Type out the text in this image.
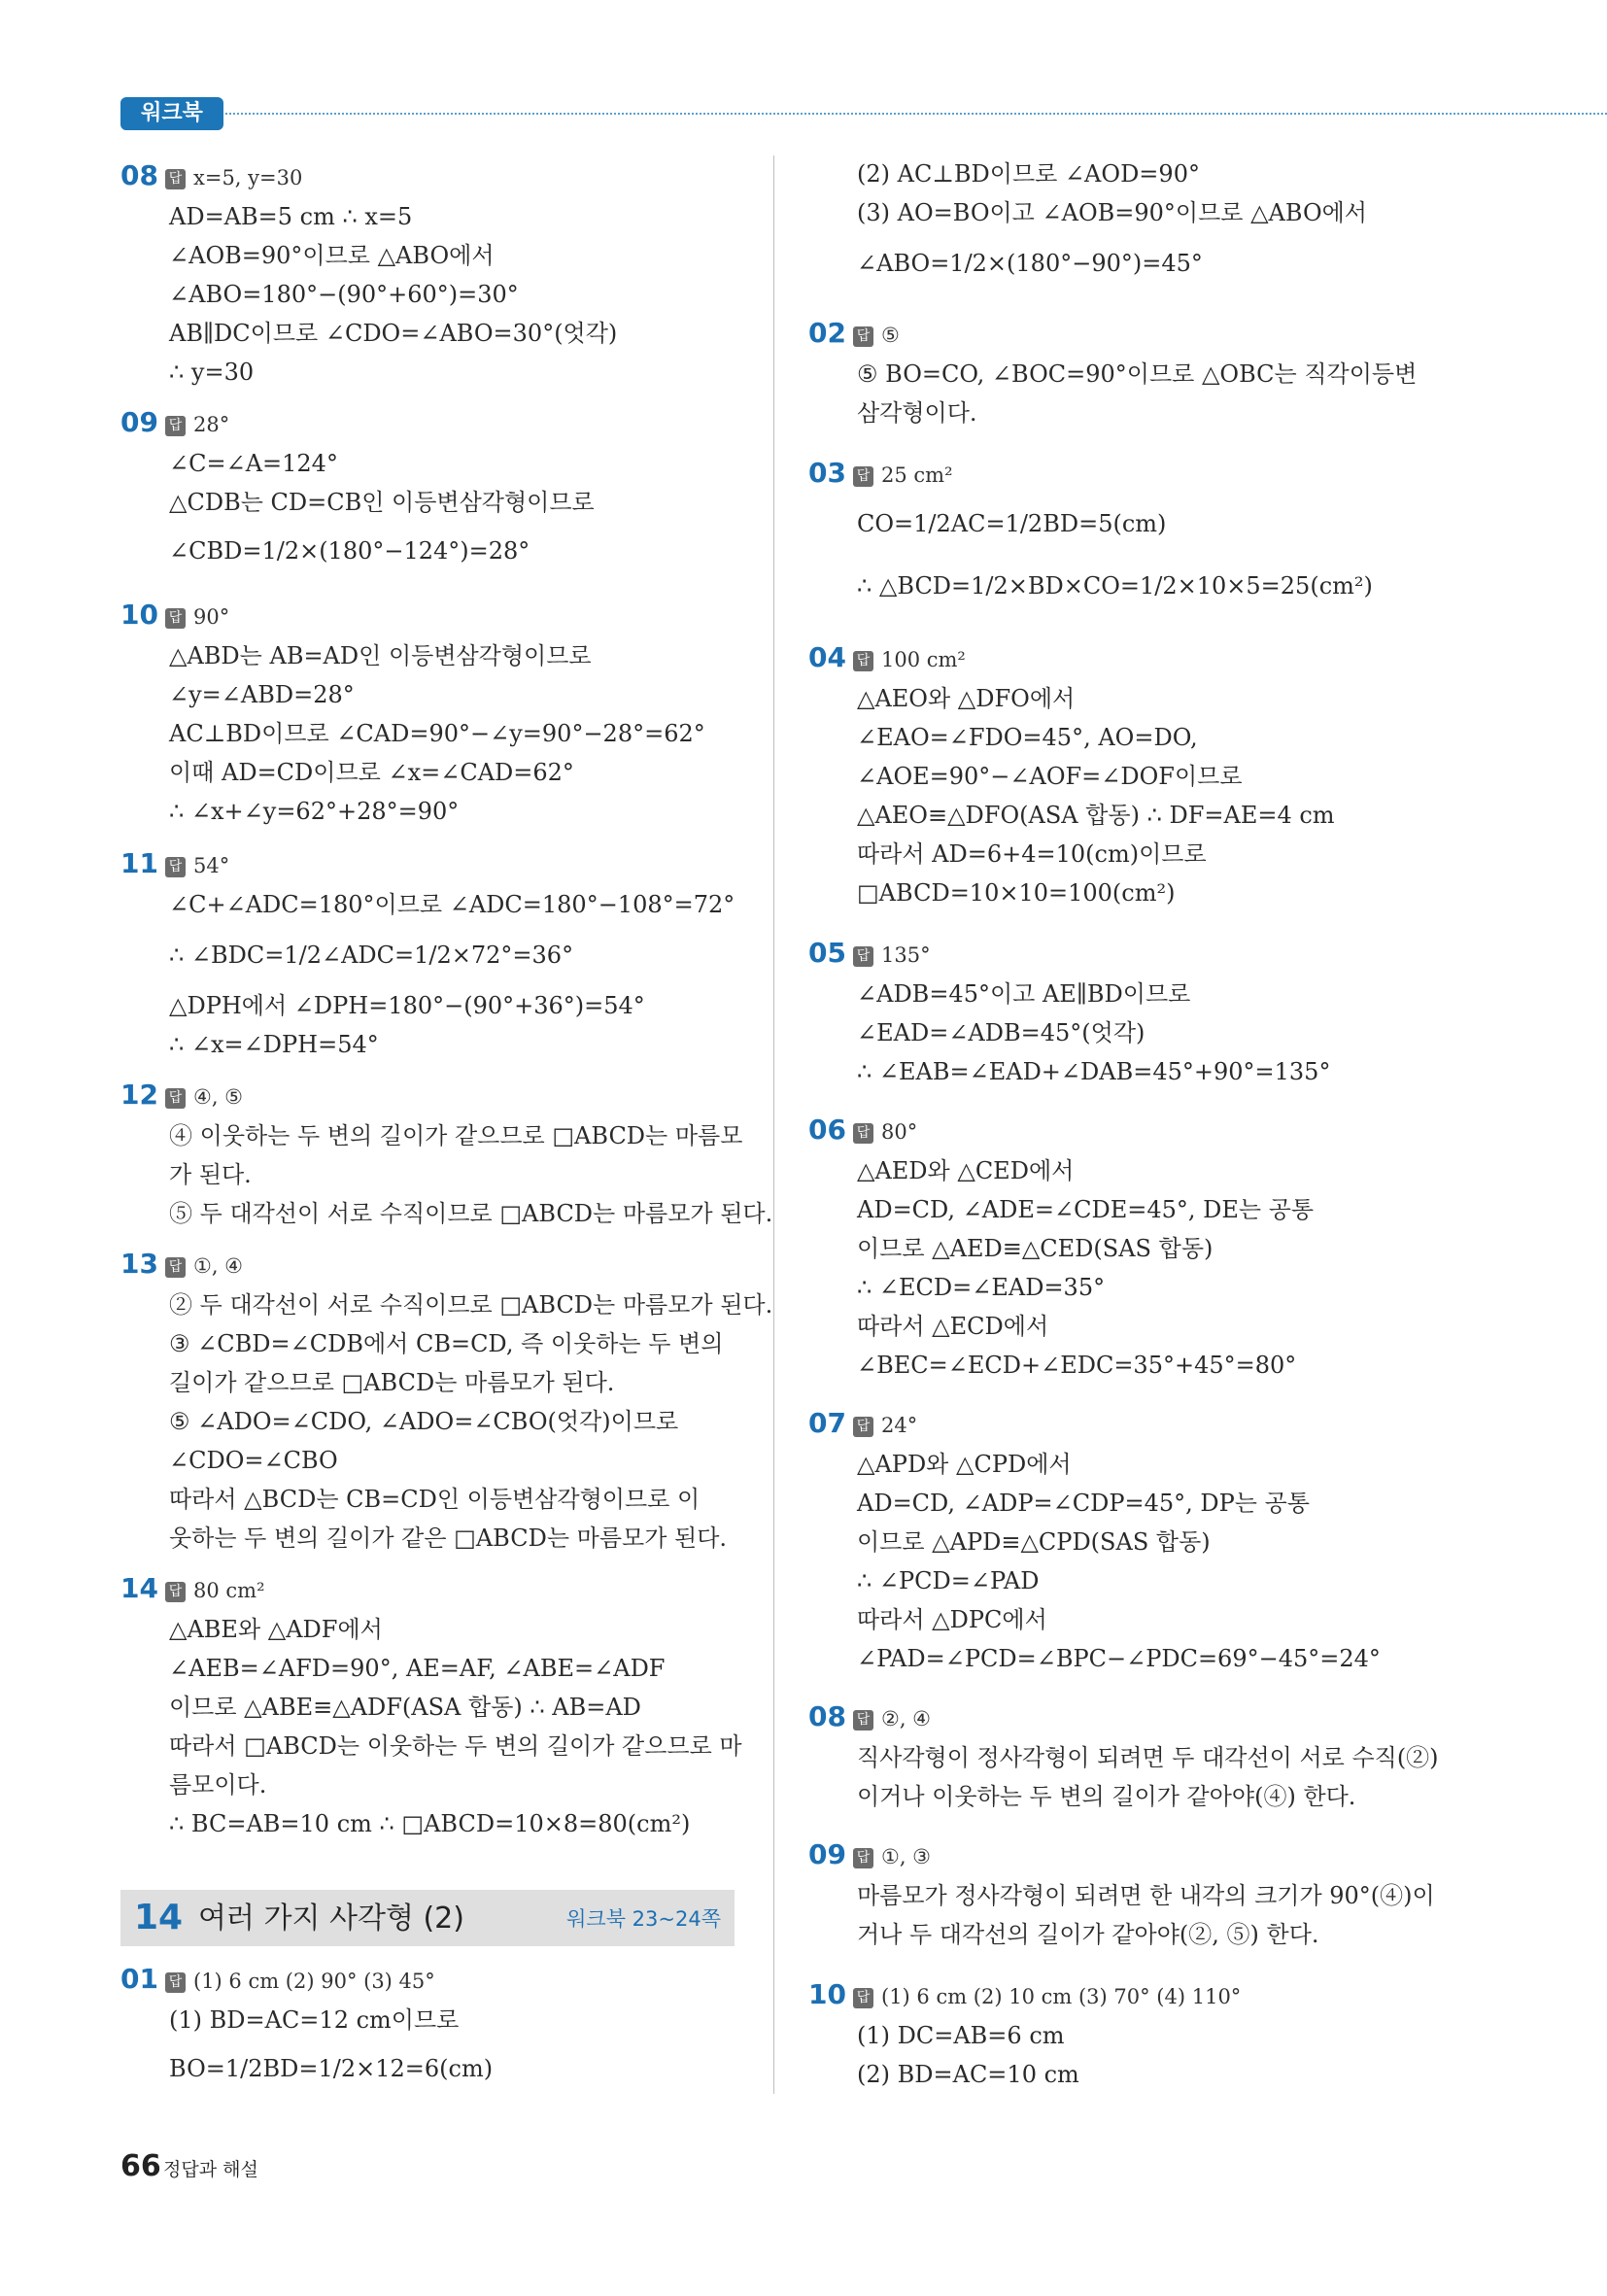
워크북
08 답 x=5, y=30
AD=AB=5 cm ∴ x=5
∠AOB=90°이므로 △ABO에서
∠ABO=180°−(90°+60°)=30°
AB∥DC이므로 ∠CDO=∠ABO=30°(엇각)
∴ y=30
09 답 28°
∠C=∠A=124°
△CDB는 CD=CB인 이등변삼각형이므로
∠CBD=1/2×(180°−124°)=28°
10 답 90°
△ABD는 AB=AD인 이등변삼각형이므로
∠y=∠ABD=28°
AC⊥BD이므로 ∠CAD=90°−∠y=90°−28°=62°
이때 AD=CD이므로 ∠x=∠CAD=62°
∴ ∠x+∠y=62°+28°=90°
11 답 54°
∠C+∠ADC=180°이므로 ∠ADC=180°−108°=72°
∴ ∠BDC=1/2∠ADC=1/2×72°=36°
△DPH에서 ∠DPH=180°−(90°+36°)=54°
∴ ∠x=∠DPH=54°
12 답 ④, ⑤
④ 이웃하는 두 변의 길이가 같으므로 □ABCD는 마름모
가 된다.
⑤ 두 대각선이 서로 수직이므로 □ABCD는 마름모가 된다.
13 답 ①, ④
② 두 대각선이 서로 수직이므로 □ABCD는 마름모가 된다.
③ ∠CBD=∠CDB에서 CB=CD, 즉 이웃하는 두 변의
길이가 같으므로 □ABCD는 마름모가 된다.
⑤ ∠ADO=∠CDO, ∠ADO=∠CBO(엇각)이므로
∠CDO=∠CBO
따라서 △BCD는 CB=CD인 이등변삼각형이므로 이
웃하는 두 변의 길이가 같은 □ABCD는 마름모가 된다.
14 답 80 cm²
△ABE와 △ADF에서
∠AEB=∠AFD=90°, AE=AF, ∠ABE=∠ADF
이므로 △ABE≡△ADF(ASA 합동) ∴ AB=AD
따라서 □ABCD는 이웃하는 두 변의 길이가 같으므로 마
름모이다.
∴ BC=AB=10 cm ∴ □ABCD=10×8=80(cm²)
01 답 (1) 6 cm (2) 90° (3) 45°
(1) BD=AC=12 cm이므로
BO=1/2BD=1/2×12=6(cm)
(2) AC⊥BD이므로 ∠AOD=90°
(3) AO=BO이고 ∠AOB=90°이므로 △ABO에서
∠ABO=1/2×(180°−90°)=45°
02 답 ⑤
⑤ BO=CO, ∠BOC=90°이므로 △OBC는 직각이등변
삼각형이다.
03 답 25 cm²
CO=1/2AC=1/2BD=5(cm)
∴ △BCD=1/2×BD×CO=1/2×10×5=25(cm²)
04 답 100 cm²
△AEO와 △DFO에서
∠EAO=∠FDO=45°, AO=DO,
∠AOE=90°−∠AOF=∠DOF이므로
△AEO≡△DFO(ASA 합동) ∴ DF=AE=4 cm
따라서 AD=6+4=10(cm)이므로
□ABCD=10×10=100(cm²)
05 답 135°
∠ADB=45°이고 AE∥BD이므로
∠EAD=∠ADB=45°(엇각)
∴ ∠EAB=∠EAD+∠DAB=45°+90°=135°
06 답 80°
△AED와 △CED에서
AD=CD, ∠ADE=∠CDE=45°, DE는 공통
이므로 △AED≡△CED(SAS 합동)
∴ ∠ECD=∠EAD=35°
따라서 △ECD에서
∠BEC=∠ECD+∠EDC=35°+45°=80°
07 답 24°
△APD와 △CPD에서
AD=CD, ∠ADP=∠CDP=45°, DP는 공통
이므로 △APD≡△CPD(SAS 합동)
∴ ∠PCD=∠PAD
따라서 △DPC에서
∠PAD=∠PCD=∠BPC−∠PDC=69°−45°=24°
08 답 ②, ④
직사각형이 정사각형이 되려면 두 대각선이 서로 수직(②)
이거나 이웃하는 두 변의 길이가 같아야(④) 한다.
09 답 ①, ③
마름모가 정사각형이 되려면 한 내각의 크기가 90°(④)이
거나 두 대각선의 길이가 같아야(②, ⑤) 한다.
10 답 (1) 6 cm (2) 10 cm (3) 70° (4) 110°
(1) DC=AB=6 cm
(2) BD=AC=10 cm
14 여러 가지 사각형 (2)	워크북 23~24쪽
66 정답과 해설
